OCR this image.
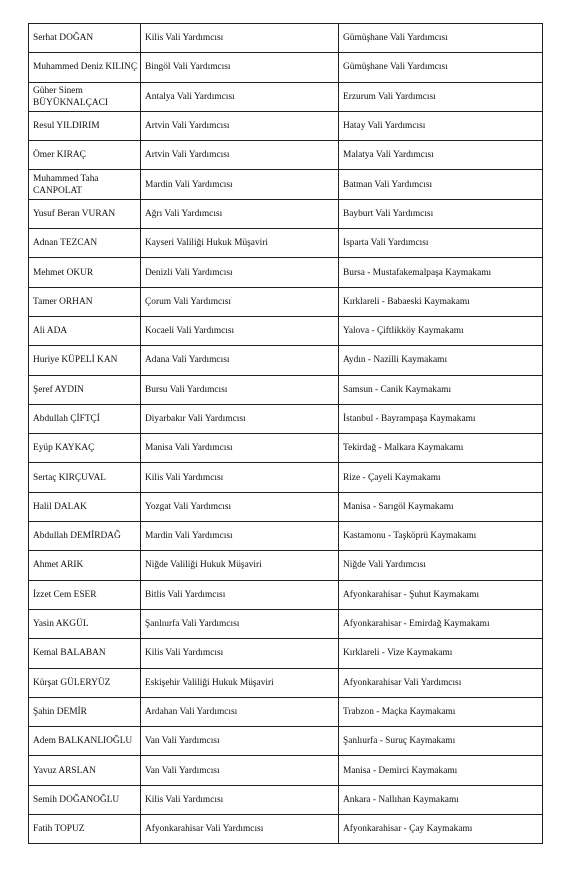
Serhat DOĞAN	Kilis Vali Yardımcısı	Gümüşhane Vali Yardımcısı
Muhammed Deniz KILINÇ	Bingöl Vali Yardımcısı	Gümüşhane Vali Yardımcısı
Güher Sinem BÜYÜKNALÇACI	Antalya Vali Yardımcısı	Erzurum Vali Yardımcısı
Resul YILDIRIM	Artvin Vali Yardımcısı	Hatay Vali Yardımcısı
Ömer KIRAÇ	Artvin Vali Yardımcısı	Malatya Vali Yardımcısı
Muhammed Taha CANPOLAT	Mardin Vali Yardımcısı	Batman Vali Yardımcısı
Yusuf Beran VURAN	Ağrı Vali Yardımcısı	Bayburt Vali Yardımcısı
Adnan TEZCAN	Kayseri Valiliği Hukuk Müşaviri	Isparta Vali Yardımcısı
Mehmet OKUR	Denizli Vali Yardımcısı	Bursa - Mustafakemalpaşa Kaymakamı
Tamer ORHAN	Çorum Vali Yardımcısı	Kırklareli - Babaeski Kaymakamı
Ali ADA	Kocaeli Vali Yardımcısı	Yalova - Çiftlikköy Kaymakamı
Huriye KÜPELİ KAN	Adana Vali Yardımcısı	Aydın - Nazilli Kaymakamı
Şeref AYDIN	Bursu Vali Yardımcısı	Samsun - Canik Kaymakamı
Abdullah ÇİFTÇİ	Diyarbakır Vali Yardımcısı	İstanbul - Bayrampaşa Kaymakamı
Eyüp KAYKAÇ	Manisa Vali Yardımcısı	Tekirdağ - Malkara Kaymakamı
Sertaç KIRÇUVAL	Kilis Vali Yardımcısı	Rize - Çayeli Kaymakamı
Halil DALAK	Yozgat Vali Yardımcısı	Manisa - Sarıgöl Kaymakamı
Abdullah DEMİRDAĞ	Mardin Vali Yardımcısı	Kastamonu - Taşköprü Kaymakamı
Ahmet ARIK	Niğde Valiliği Hukuk Müşaviri	Niğde Vali Yardımcısı
İzzet Cem ESER	Bitlis Vali Yardımcısı	Afyonkarahisar - Şuhut Kaymakamı
Yasin AKGÜL	Şanlıurfa Vali Yardımcısı	Afyonkarahisar - Emirdağ Kaymakamı
Kemal BALABAN	Kilis Vali Yardımcısı	Kırklareli - Vize Kaymakamı
Kürşat GÜLERYÜZ	Eskişehir Valiliği Hukuk Müşaviri	Afyonkarahisar Vali Yardımcısı
Şahin DEMİR	Ardahan Vali Yardımcısı	Trabzon - Maçka Kaymakamı
Adem BALKANLIOĞLU	Van Vali Yardımcısı	Şanlıurfa - Suruç Kaymakamı
Yavuz ARSLAN	Van Vali Yardımcısı	Manisa - Demirci Kaymakamı
Semih DOĞANOĞLU	Kilis Vali Yardımcısı	Ankara - Nallıhan Kaymakamı
Fatih TOPUZ	Afyonkarahisar Vali Yardımcısı	Afyonkarahisar - Çay Kaymakamı
